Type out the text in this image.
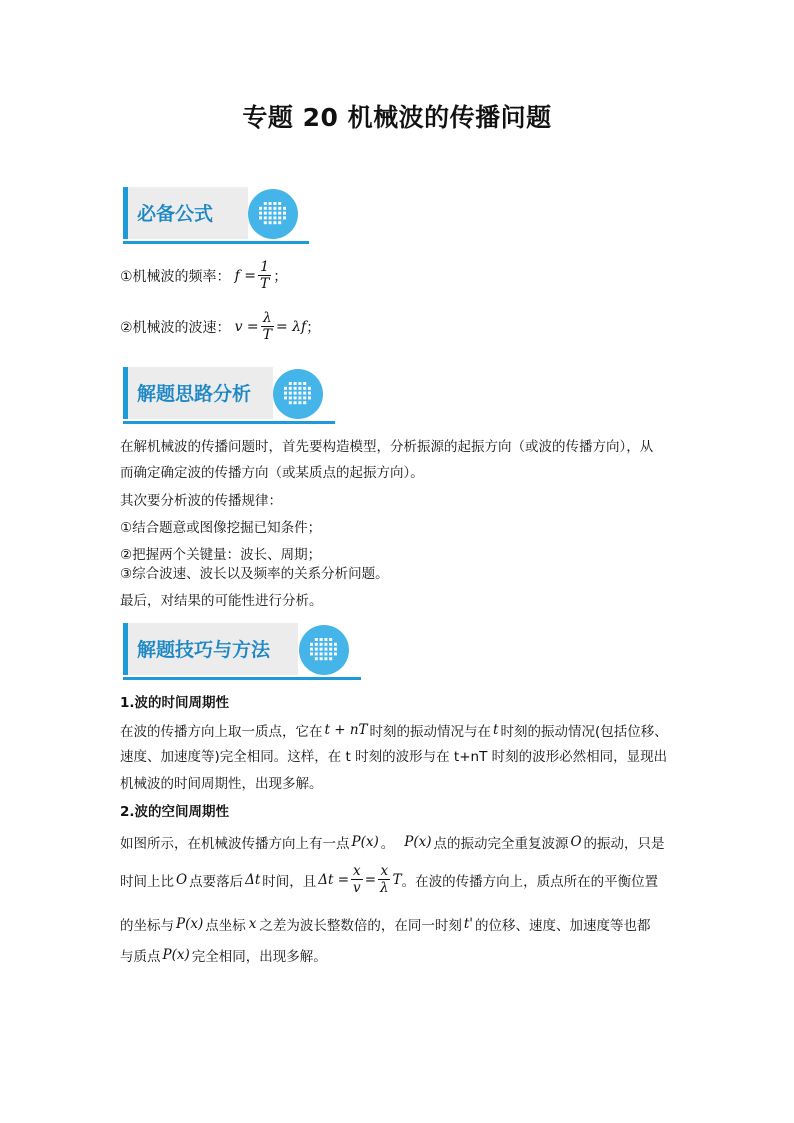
专题 20 机械波的传播问题
必备公式
①机械波的频率： $f = \frac{1}{T}$ ；
②机械波的波速： $v = \frac{\lambda}{T} = \lambda f$ ；
解题思路分析
在解机械波的传播问题时，首先要构造模型，分析振源的起振方向（或波的传播方向），从
而确定确定波的传播方向（或某质点的起振方向）。
其次要分析波的传播规律：
①结合题意或图像挖掘已知条件；
②把握两个关键量：波长、周期；
③综合波速、波长以及频率的关系分析问题。
最后，对结果的可能性进行分析。
解题技巧与方法
1.波的时间周期性
在波的传播方向上取一质点，它在 t + nT 时刻的振动情况与在 t 时刻的振动情况(包括位移、
速度、加速度等)完全相同。这样，在 t 时刻的波形与在 t+nT 时刻的波形必然相同，显现出
机械波的时间周期性，出现多解。
2.波的空间周期性
如图所示，在机械波传播方向上有一点 P(x) 。 P(x) 点的振动完全重复波源 O 的振动，只是
时间上比 O 点要落后 Δt 时间，且 $\Delta t = \frac{x}{v} = \frac{x}{\lambda}$ T 。在波的传播方向上，质点所在的平衡位置
的坐标与 P(x) 点坐标 x 之差为波长整数倍的，在同一时刻 t' 的位移、速度、加速度等也都
与质点 P(x) 完全相同，出现多解。
